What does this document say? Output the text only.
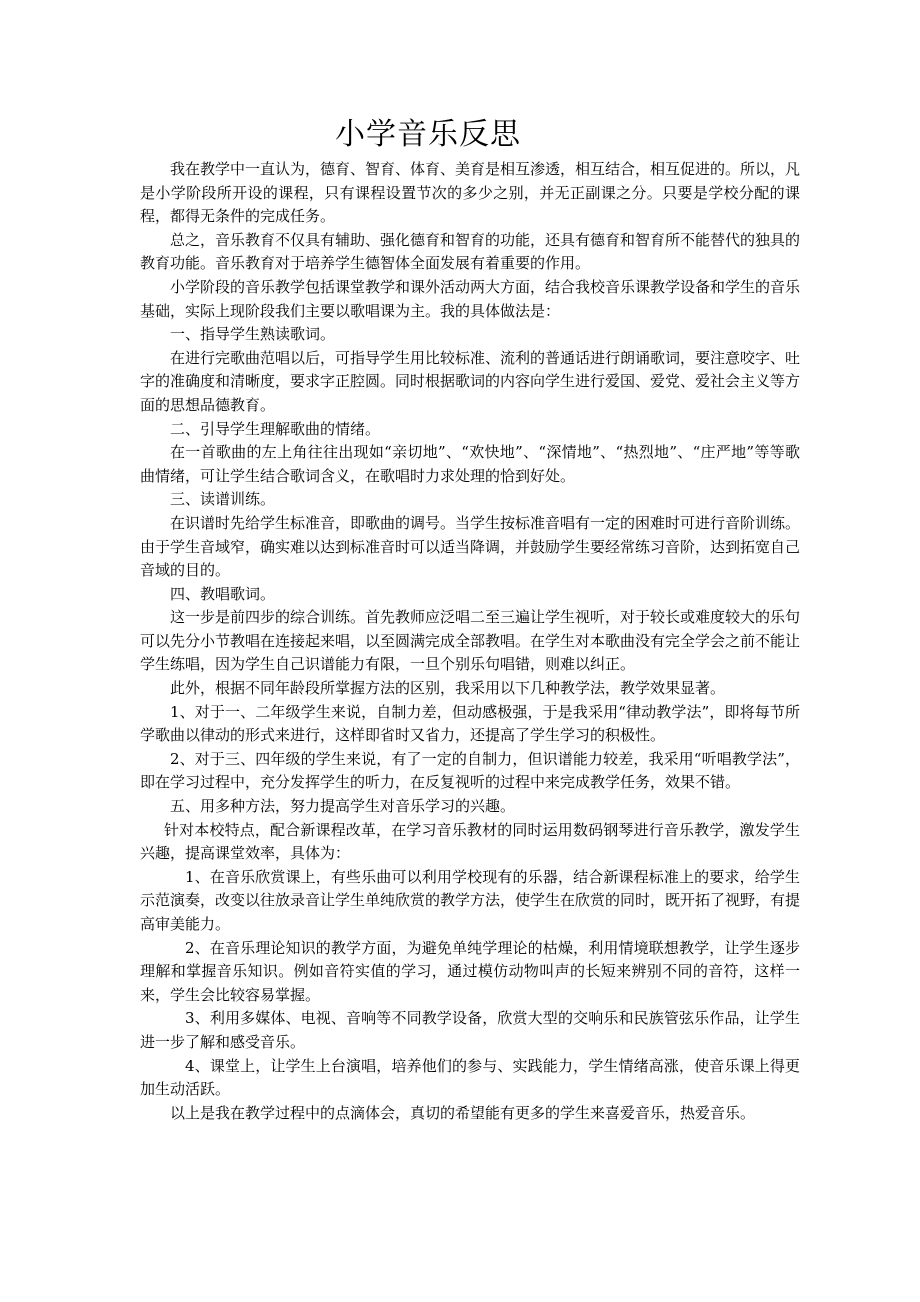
小学音乐反思

我在教学中一直认为，德育、智育、体育、美育是相互渗透，相互结合，相互促进的。所以，凡是小学阶段所开设的课程，只有课程设置节次的多少之别，并无正副课之分。只要是学校分配的课程，都得无条件的完成任务。

总之，音乐教育不仅具有辅助、强化德育和智育的功能，还具有德育和智育所不能替代的独具的教育功能。音乐教育对于培养学生德智体全面发展有着重要的作用。

小学阶段的音乐教学包括课堂教学和课外活动两大方面，结合我校音乐课教学设备和学生的音乐基础，实际上现阶段我们主要以歌唱课为主。我的具体做法是：

一、指导学生熟读歌词。

在进行完歌曲范唱以后，可指导学生用比较标准、流利的普通话进行朗诵歌词，要注意咬字、吐字的准确度和清晰度，要求字正腔圆。同时根据歌词的内容向学生进行爱国、爱党、爱社会主义等方面的思想品德教育。

二、引导学生理解歌曲的情绪。

在一首歌曲的左上角往往出现如“亲切地”、“欢快地”、“深情地”、“热烈地”、“庄严地”等等歌曲情绪，可让学生结合歌词含义，在歌唱时力求处理的恰到好处。

三、读谱训练。

在识谱时先给学生标准音，即歌曲的调号。当学生按标准音唱有一定的困难时可进行音阶训练。由于学生音域窄，确实难以达到标准音时可以适当降调，并鼓励学生要经常练习音阶，达到拓宽自己音域的目的。

四、教唱歌词。

这一步是前四步的综合训练。首先教师应泛唱二至三遍让学生视听，对于较长或难度较大的乐句可以先分小节教唱在连接起来唱，以至圆满完成全部教唱。在学生对本歌曲没有完全学会之前不能让学生练唱，因为学生自己识谱能力有限，一旦个别乐句唱错，则难以纠正。

此外，根据不同年龄段所掌握方法的区别，我采用以下几种教学法，教学效果显著。

1、对于一、二年级学生来说，自制力差，但动感极强，于是我采用“律动教学法”，即将每节所学歌曲以律动的形式来进行，这样即省时又省力，还提高了学生学习的积极性。

2、对于三、四年级的学生来说，有了一定的自制力，但识谱能力较差，我采用“听唱教学法”，即在学习过程中，充分发挥学生的听力，在反复视听的过程中来完成教学任务，效果不错。

五、用多种方法，努力提高学生对音乐学习的兴趣。

针对本校特点，配合新课程改革，在学习音乐教材的同时运用数码钢琴进行音乐教学，激发学生兴趣，提高课堂效率，具体为：

1、在音乐欣赏课上，有些乐曲可以利用学校现有的乐器，结合新课程标准上的要求，给学生示范演奏，改变以往放录音让学生单纯欣赏的教学方法，使学生在欣赏的同时，既开拓了视野，有提高审美能力。

2、在音乐理论知识的教学方面，为避免单纯学理论的枯燥，利用情境联想教学，让学生逐步理解和掌握音乐知识。例如音符实值的学习，通过模仿动物叫声的长短来辨别不同的音符，这样一来，学生会比较容易掌握。

3、利用多媒体、电视、音响等不同教学设备，欣赏大型的交响乐和民族管弦乐作品，让学生进一步了解和感受音乐。

4、课堂上，让学生上台演唱，培养他们的参与、实践能力，学生情绪高涨，使音乐课上得更加生动活跃。

以上是我在教学过程中的点滴体会，真切的希望能有更多的学生来喜爱音乐，热爱音乐。
